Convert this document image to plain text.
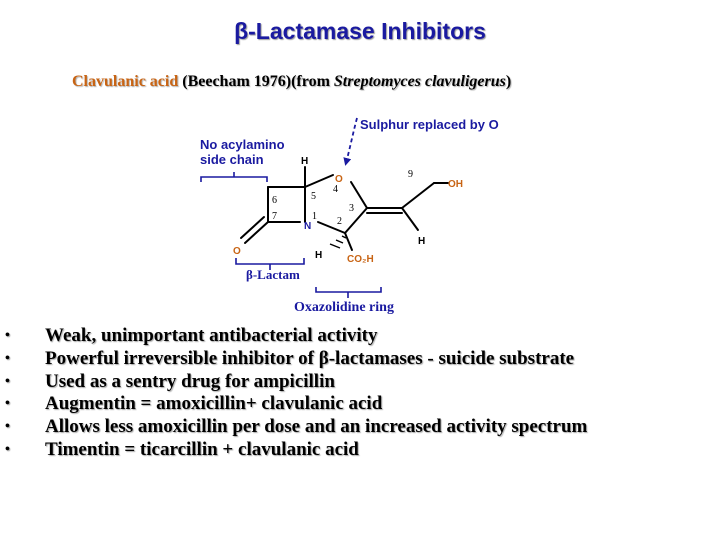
β-Lactamase Inhibitors
Clavulanic acid (Beecham 1976)(from Streptomyces clavuligerus)
H
O
N
O	H CO₂H
H
OH
5
4
6
7	1 2
3
9
Sulphur replaced by O
No acylamino
side chain
β-Lactam
Oxazolidine ring
• Weak, unimportant antibacterial activity
• Powerful irreversible inhibitor of β-lactamases - suicide substrate
• Used as a sentry drug for ampicillin
• Augmentin = amoxicillin+ clavulanic acid
• Allows less amoxicillin per dose and an increased activity spectrum
• Timentin = ticarcillin + clavulanic acid
